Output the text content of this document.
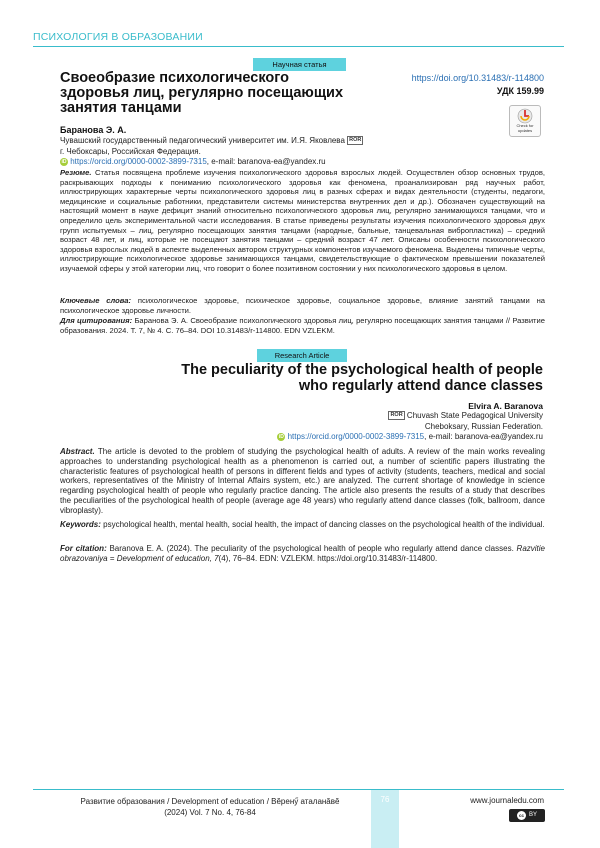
ПСИХОЛОГИЯ В ОБРАЗОВАНИИ
Научная статья
Своеобразие психологического здоровья лиц, регулярно посещающих занятия танцами
https://doi.org/10.31483/r-114800
УДК 159.99
Check for
updates
Баранова Э. А.
Чувашский государственный педагогический университет им. И.Я. Яковлева ROR
г. Чебоксары, Российская Федерация.
iD https://orcid.org/0000-0002-3899-7315, e-mail: baranova-ea@yandex.ru
Резюме. Статья посвящена проблеме изучения психологического здоровья взрослых людей. Осуществлен обзор основных трудов, раскрывающих подходы к пониманию психологического здоровья как феномена, проанализирован ряд научных работ, иллюстрирующих характерные черты психологического здоровья лиц в разных сферах и видах деятельности (студенты, педагоги, медицинские и социальные работники, представители системы министерства внутренних дел и др.). Обозначен существующий на настоящий момент в науке дефицит знаний относительно психологического здоровья лиц, регулярно занимающихся танцами, что и определило цель экспериментальной части исследования. В статье приведены результаты изучения психологического здоровья двух групп испытуемых – лиц, регулярно посещающих занятия танцами (народные, бальные, танцевальная вибропластика) – средний возраст 48 лет, и лиц, которые не посещают занятия танцами – средний возраст 47 лет. Описаны особенности психологического здоровья взрослых людей в аспекте выделенных автором структурных компонентов изучаемого феномена. Выделены типичные черты, иллюстрирующие психологическое здоровье занимающихся танцами, свидетельствующие о фактическом превышении показателей изучаемой сферы у этой категории лиц, что говорит о более позитивном состоянии у них психологического здоровья в целом.
Ключевые слова: психологическое здоровье, психическое здоровье, социальное здоровье, влияние занятий танцами на психологическое здоровье личности.
Для цитирования: Баранова Э. А. Своеобразие психологического здоровья лиц, регулярно посещающих занятия танцами // Развитие образования. 2024. Т. 7, № 4. С. 76–84. DOI 10.31483/r-114800. EDN VZLEKM.
Research Article
The peculiarity of the psychological health of people who regularly attend dance classes
Elvira A. Baranova
ROR Chuvash State Pedagogical University
Cheboksary, Russian Federation.
iD https://orcid.org/0000-0002-3899-7315, e-mail: baranova-ea@yandex.ru
Abstract. The article is devoted to the problem of studying the psychological health of adults. A review of the main works revealing approaches to understanding psychological health as a phenomenon is carried out, a number of scientific papers illustrating the characteristic features of psychological health of persons in different fields and types of activity (students, teachers, medical and social workers, representatives of the Ministry of Internal Affairs system, etc.) are analyzed. The current shortage of knowledge in science regarding psychological health of people who regularly practice dancing. The article also presents the results of a study that describes the peculiarities of the psychological health of people (average age 48 years) who regularly attend dance classes (folk, ballroom, dance vibroplasty).
Keywords: psychological health, mental health, social health, the impact of dancing classes on the psychological health of the individual.
For citation: Baranova E. A. (2024). The peculiarity of the psychological health of people who regularly attend dance classes. Razvitie obrazovaniya = Development of education, 7(4), 76–84. EDN: VZLEKM. https://doi.org/10.31483/r-114800.
Развитие образования / Development of education / Вĕренӳ аталанăвĕ
(2024) Vol. 7 No. 4, 76-84
76	www.journaledu.com
cc BY
